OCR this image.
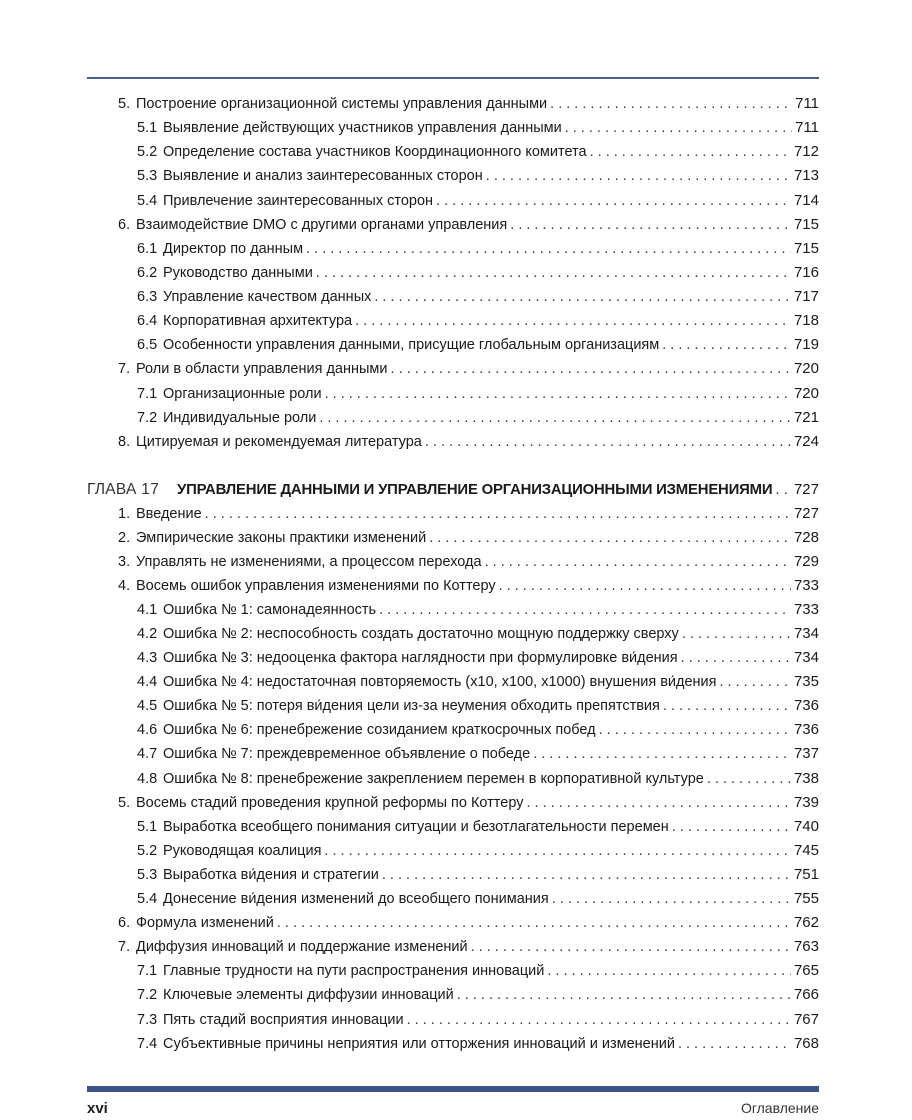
5. Построение организационной системы управления данными . . .	711
5.1 Выявление действующих участников управления данными . . .	711
5.2 Определение состава участников Координационного комитета . . .	712
5.3 Выявление и анализ заинтересованных сторон . . .	713
5.4 Привлечение заинтересованных сторон . . .	714
6. Взаимодействие DMO с другими органами управления . . .	715
6.1 Директор по данным . . .	715
6.2 Руководство данными . . .	716
6.3 Управление качеством данных . . .	717
6.4 Корпоративная архитектура . . .	718
6.5 Особенности управления данными, присущие глобальным организациям . . .	719
7. Роли в области управления данными . . .	720
7.1 Организационные роли . . .	720
7.2 Индивидуальные роли . . .	721
8. Цитируемая и рекомендуемая литература . . .	724
ГЛАВА 17	УПРАВЛЕНИЕ ДАННЫМИ И УПРАВЛЕНИЕ ОРГАНИЗАЦИОННЫМИ ИЗМЕНЕНИЯМИ . . . 727
1. Введение . . .	727
2. Эмпирические законы практики изменений . . .	728
3. Управлять не изменениями, а процессом перехода . . .	729
4. Восемь ошибок управления изменениями по Коттеру . . .	733
4.1 Ошибка № 1: самонадеянность . . .	733
4.2 Ошибка № 2: неспособность создать достаточно мощную поддержку сверху . . .	734
4.3 Ошибка № 3: недооценка фактора наглядности при формулировке ви́дения . . .	734
4.4 Ошибка № 4: недостаточная повторяемость (x10, x100, x1000) внушения ви́дения . . .	735
4.5 Ошибка № 5: потеря ви́дения цели из-за неумения обходить препятствия . . .	736
4.6 Ошибка № 6: пренебрежение созиданием краткосрочных побед . . .	736
4.7 Ошибка № 7: преждевременное объявление о победе . . .	737
4.8 Ошибка № 8: пренебрежение закреплением перемен в корпоративной культуре . . .	738
5. Восемь стадий проведения крупной реформы по Коттеру . . .	739
5.1 Выработка всеобщего понимания ситуации и безотлагательности перемен . . .	740
5.2 Руководящая коалиция . . .	745
5.3 Выработка ви́дения и стратегии . . .	751
5.4 Донесение ви́дения изменений до всеобщего понимания . . .	755
6. Формула изменений . . .	762
7. Диффузия инноваций и поддержание изменений . . .	763
7.1 Главные трудности на пути распространения инноваций . . .	765
7.2 Ключевые элементы диффузии инноваций . . .	766
7.3 Пять стадий восприятия инновации . . .	767
7.4 Субъективные причины неприятия или отторжения инноваций и изменений . . .	768
xvi	Оглавление
